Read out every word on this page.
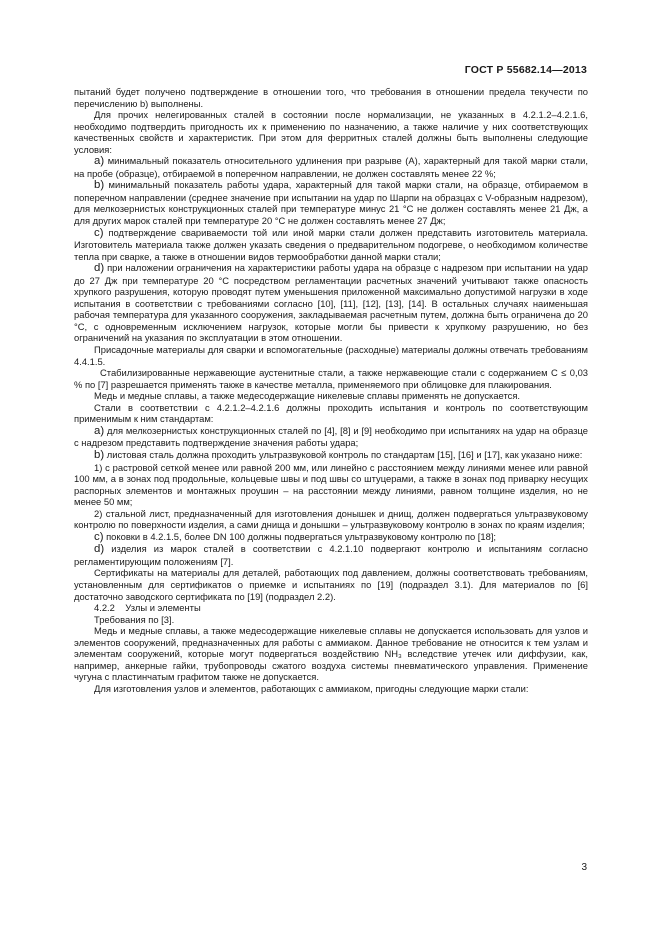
ГОСТ Р 55682.14—2013

пытаний будет получено подтверждение в отношении того, что требования в отношении предела текучести по перечислению b) выполнены.

Для прочих нелегированных сталей в состоянии после нормализации, не указанных в 4.2.1.2–4.2.1.6, необходимо подтвердить пригодность их к применению по назначению, а также наличие у них соответствующих качественных свойств и характеристик. При этом для ферритных сталей должны быть выполнены следующие условия:

a) минимальный показатель относительного удлинения при разрыве (A), характерный для такой марки стали, на пробе (образце), отбираемой в поперечном направлении, не должен составлять менее 22 %;

b) минимальный показатель работы удара, характерный для такой марки стали, на образце, отбираемом в поперечном направлении (среднее значение при испытании на удар по Шарпи на образцах с V-образным надрезом), для мелкозернистых конструкционных сталей при температуре минус 21 °С не должен составлять менее 21 Дж, а для других марок сталей при температуре 20 °С не должен составлять менее 27 Дж;

c) подтверждение свариваемости той или иной марки стали должен представить изготовитель материала. Изготовитель материала также должен указать сведения о предварительном подогреве, о необходимом количестве тепла при сварке, а также в отношении видов термообработки данной марки стали;

d) при наложении ограничения на характеристики работы удара на образце с надрезом при испытании на удар до 27 Дж при температуре 20 °С посредством регламентации расчетных значений учитывают также опасность хрупкого разрушения, которую проводят путем уменьшения приложенной максимально допустимой нагрузки в ходе испытания в соответствии с требованиями согласно [10], [11], [12], [13], [14]. В остальных случаях наименьшая рабочая температура для указанного сооружения, закладываемая расчетным путем, должна быть ограничена до 20 °С, с одновременным исключением нагрузок, которые могли бы привести к хрупкому разрушению, но без ограничений на указания по эксплуатации в этом отношении.

Присадочные материалы для сварки и вспомогательные (расходные) материалы должны отвечать требованиям 4.4.1.5.

Стабилизированные нержавеющие аустенитные стали, а также нержавеющие стали с содержанием С ≤ 0,03 % по [7] разрешается применять также в качестве металла, применяемого при облицовке для плакирования.

Медь и медные сплавы, а также медесодержащие никелевые сплавы применять не допускается.

Стали в соответствии с 4.2.1.2–4.2.1.6 должны проходить испытания и контроль по соответствующим применимым к ним стандартам:

a) для мелкозернистых конструкционных сталей по [4], [8] и [9] необходимо при испытаниях на удар на образце с надрезом представить подтверждение значения работы удара;

b) листовая сталь должна проходить ультразвуковой контроль по стандартам [15], [16] и [17], как указано ниже:

1) с растровой сеткой менее или равной 200 мм, или линейно с расстоянием между линиями менее или равной 100 мм, а в зонах под продольные, кольцевые швы и под швы со штуцерами, а также в зонах под приварку несущих распорных элементов и монтажных проушин – на расстоянии между линиями, равном толщине изделия, но не менее 50 мм;

2) стальной лист, предназначенный для изготовления донышек и днищ, должен подвергаться ультразвуковому контролю по поверхности изделия, а сами днища и донышки – ультразвуковому контролю в зонах по краям изделия;

c) поковки в 4.2.1.5, более DN 100 должны подвергаться ультразвуковому контролю по [18];

d) изделия из марок сталей в соответствии с 4.2.1.10 подвергают контролю и испытаниям согласно регламентирующим положениям [7].

Сертификаты на материалы для деталей, работающих под давлением, должны соответствовать требованиям, установленным для сертификатов о приемке и испытаниях по [19] (подраздел 3.1). Для материалов по [6] достаточно заводского сертификата по [19] (подраздел 2.2).

4.2.2    Узлы и элементы

Требования по [3].

Медь и медные сплавы, а также медесодержащие никелевые сплавы не допускается использовать для узлов и элементов сооружений, предназначенных для работы с аммиаком. Данное требование не относится к тем узлам и элементам сооружений, которые могут подвергаться воздействию NH₃ вследствие утечек или диффузии, как, например, анкерные гайки, трубопроводы сжатого воздуха системы пневматического управления. Применение чугуна с пластинчатым графитом также не допускается.

Для изготовления узлов и элементов, работающих с аммиаком, пригодны следующие марки стали:

3
